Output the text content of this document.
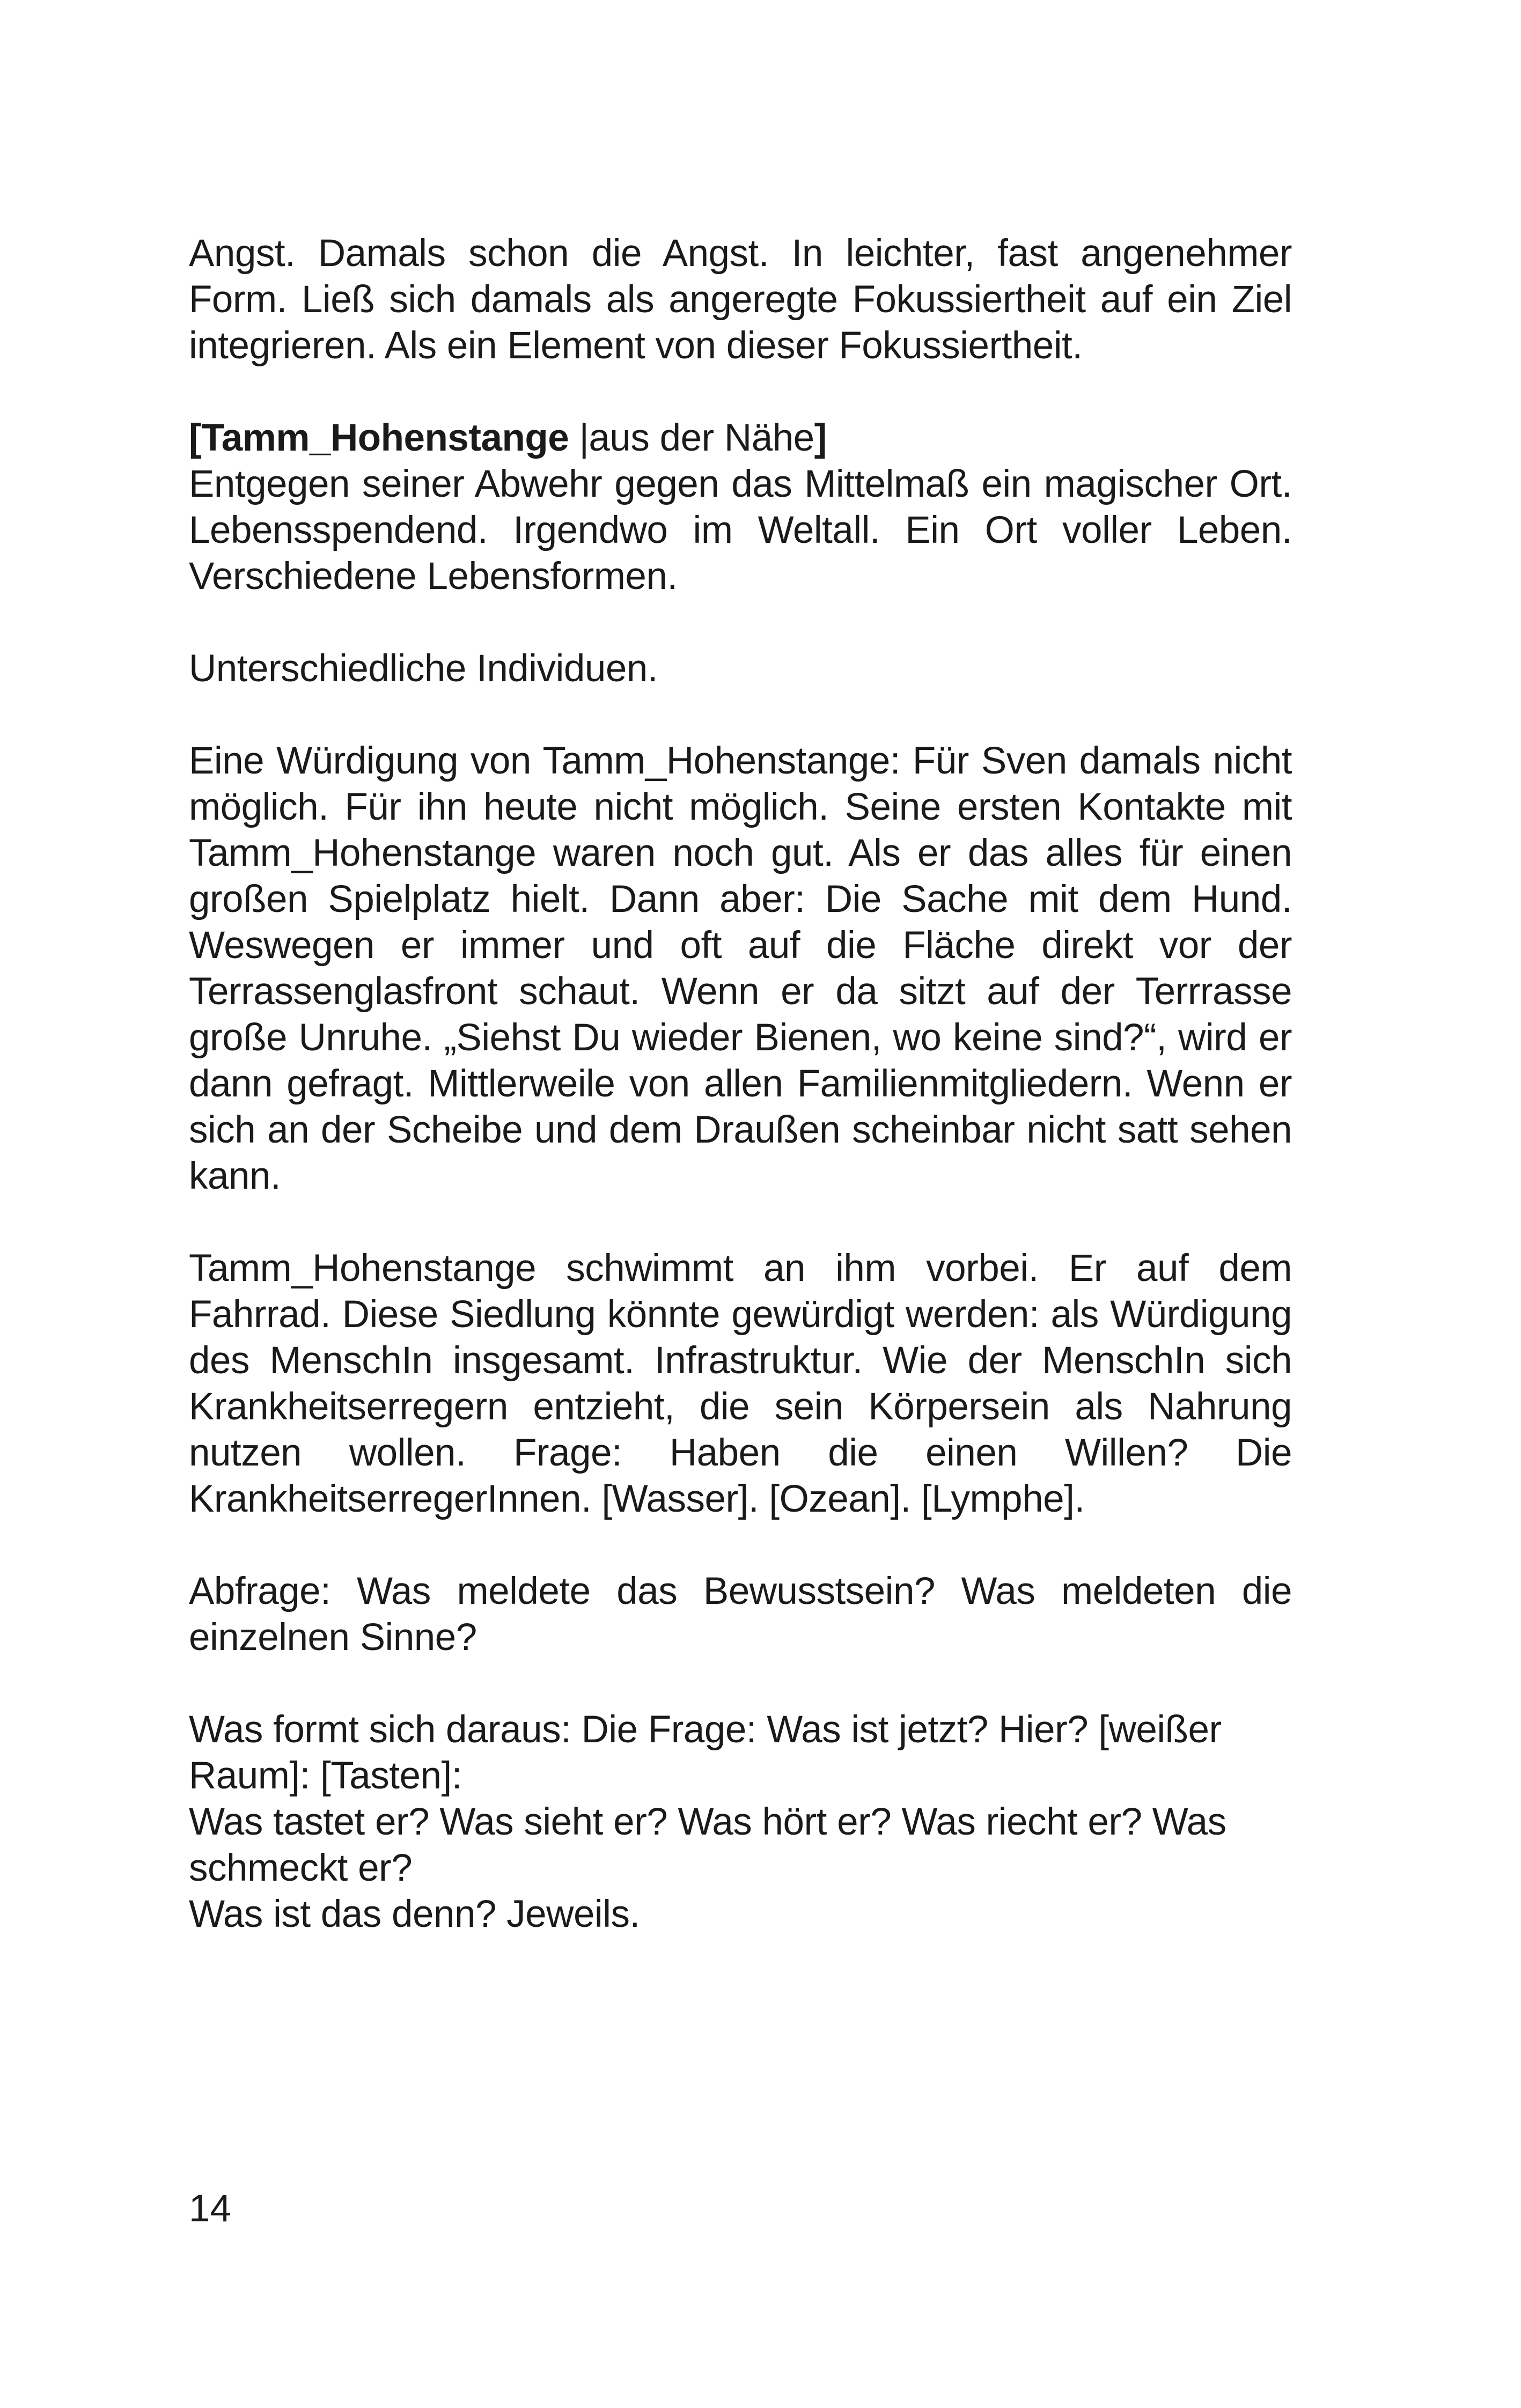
Angst. Damals schon die Angst. In leichter, fast angenehmer Form. Ließ sich damals als angeregte Fokussiertheit auf ein Ziel integrieren. Als ein Element von dieser Fokussiertheit.

[Tamm_Hohenstange |aus der Nähe]
Entgegen seiner Abwehr gegen das Mittelmaß ein magischer Ort. Lebensspendend. Irgendwo im Weltall. Ein Ort voller Leben. Verschiedene Lebensformen.

Unterschiedliche Individuen.

Eine Würdigung von Tamm_Hohenstange: Für Sven damals nicht möglich. Für ihn heute nicht möglich. Seine ersten Kontakte mit Tamm_Hohenstange waren noch gut. Als er das alles für einen großen Spielplatz hielt. Dann aber: Die Sache mit dem Hund. Weswegen er immer und oft auf die Fläche direkt vor der Terrassenglasfront schaut. Wenn er da sitzt auf der Terrrasse große Unruhe. „Siehst Du wieder Bienen, wo keine sind?“, wird er dann gefragt. Mittlerweile von allen Familienmitgliedern. Wenn er sich an der Scheibe und dem Draußen scheinbar nicht satt sehen kann.

Tamm_Hohenstange schwimmt an ihm vorbei. Er auf dem Fahrrad. Diese Siedlung könnte gewürdigt werden: als Würdigung des MenschIn insgesamt. Infrastruktur. Wie der MenschIn sich Krankheitserregern entzieht, die sein Körpersein als Nahrung nutzen wollen. Frage: Haben die einen Willen? Die KrankheitserregerInnen. [Wasser]. [Ozean]. [Lymphe].

Abfrage: Was meldete das Bewusstsein? Was meldeten die einzelnen Sinne?

Was formt sich daraus: Die Frage: Was ist jetzt? Hier? [weißer Raum]: [Tasten]:
Was tastet er? Was sieht er? Was hört er? Was riecht er? Was schmeckt er?
Was ist das denn? Jeweils.

14
